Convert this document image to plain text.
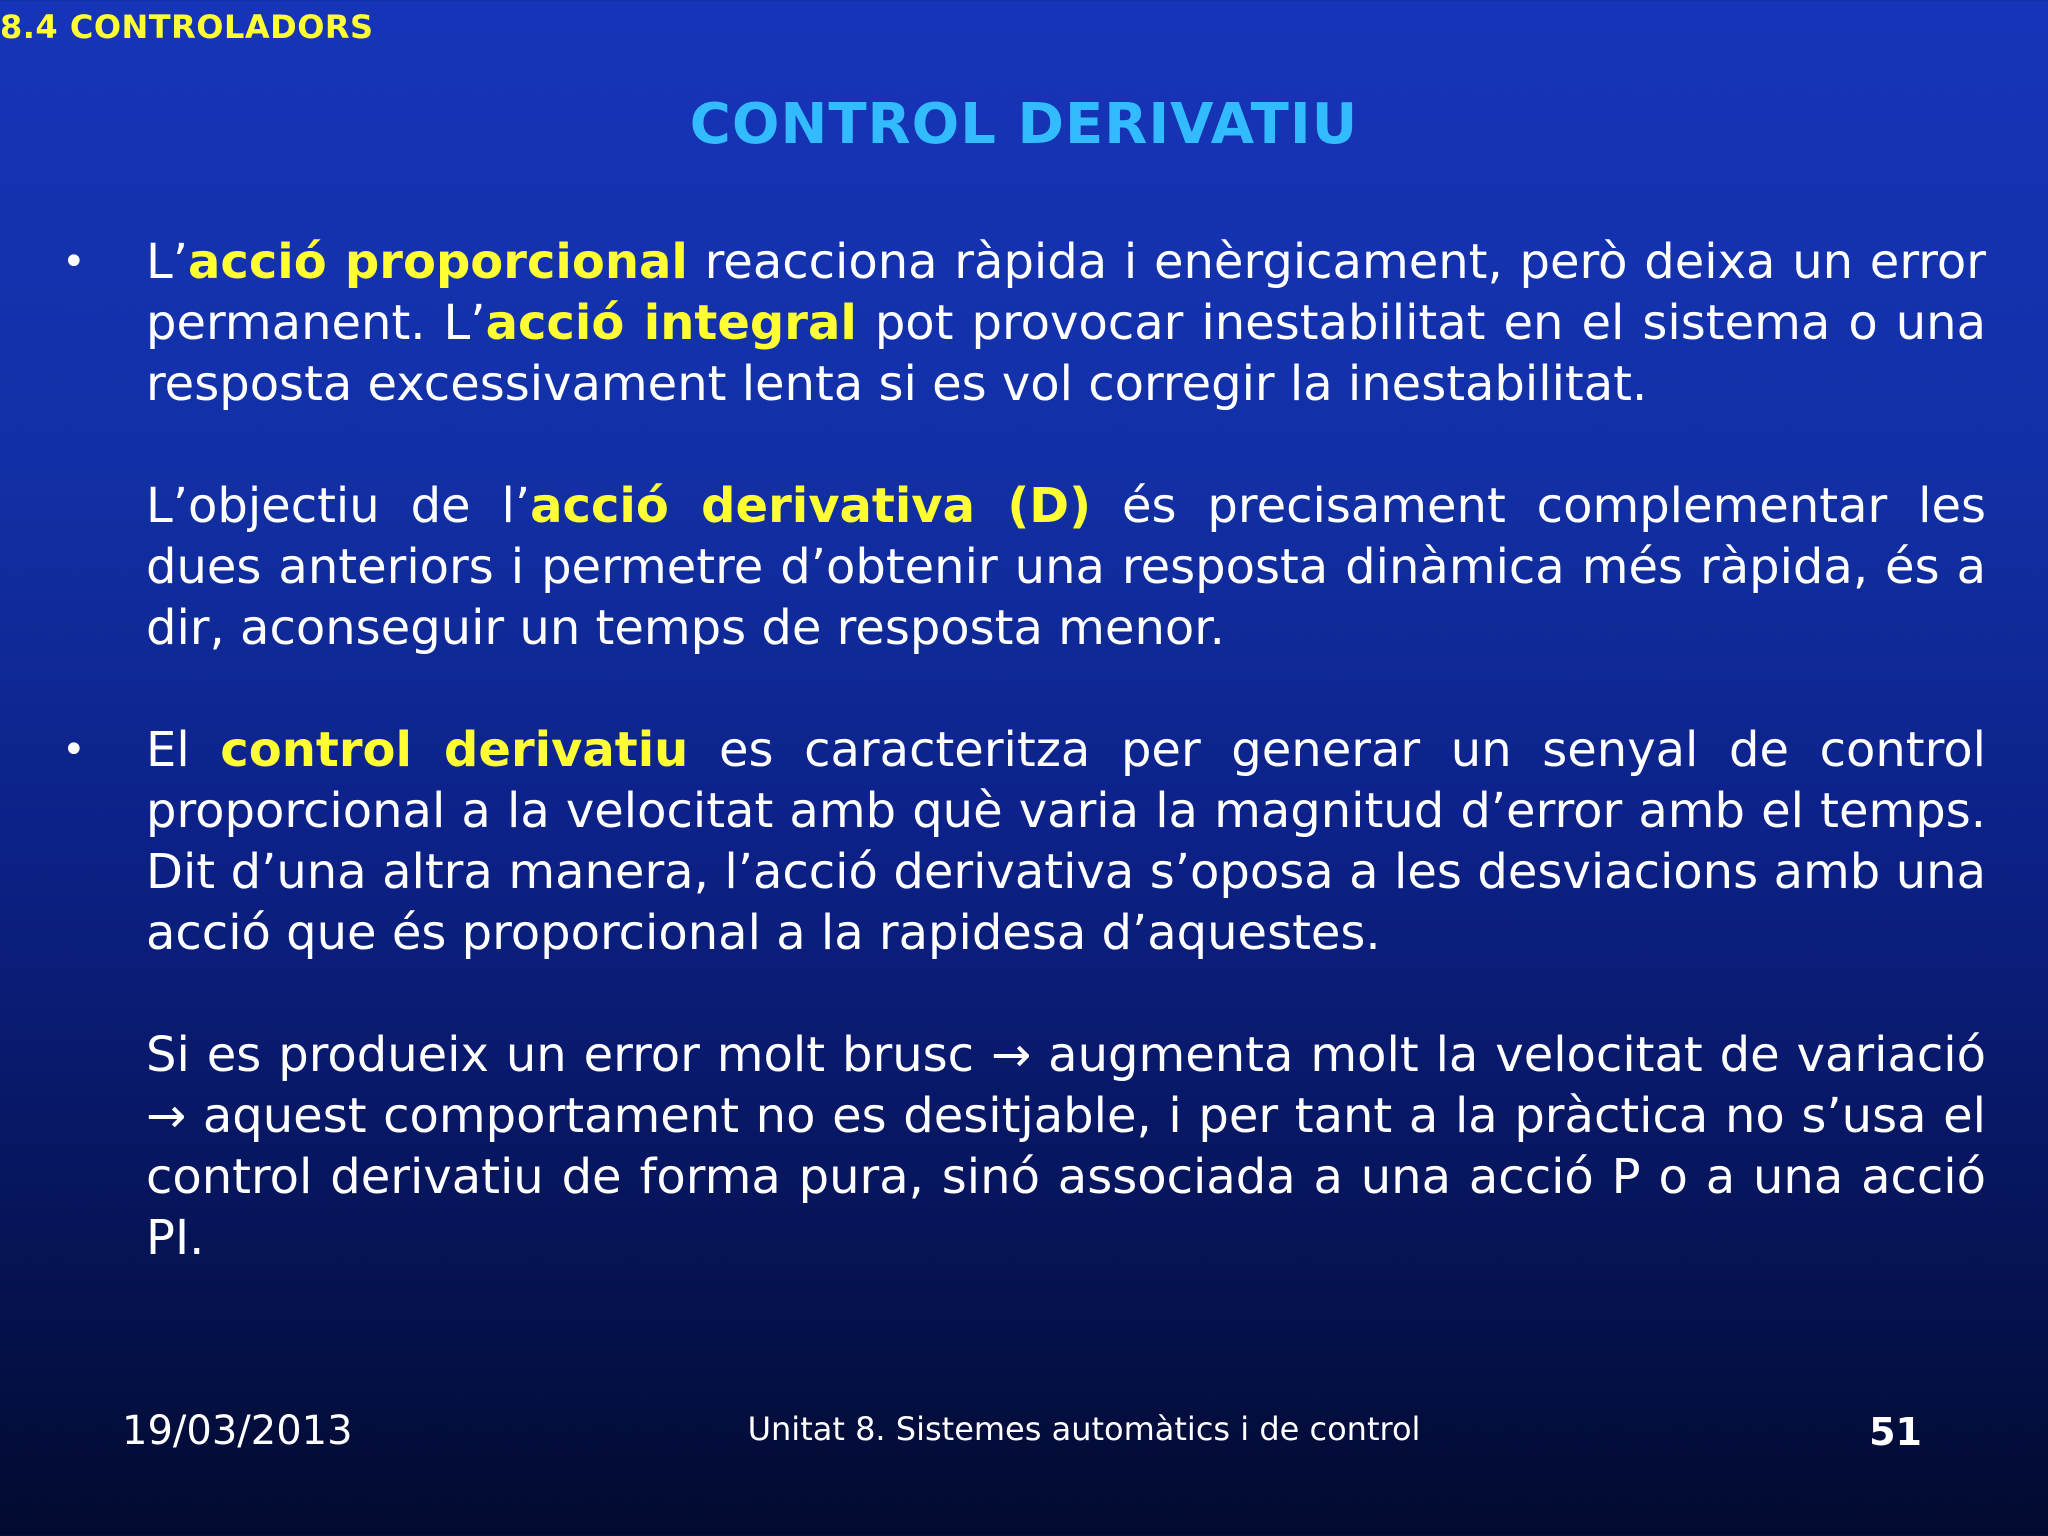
8.4 CONTROLADORS
CONTROL DERIVATIU
• L’acció proporcional reacciona ràpida i enèrgicament, però deixa un error permanent. L’acció integral pot provocar inestabilitat en el sistema o una resposta excessivament lenta si es vol corregir la inestabilitat.

L’objectiu de l’acció derivativa (D) és precisament complementar les dues anteriors i permetre d’obtenir una resposta dinàmica més ràpida, és a dir, aconseguir un temps de resposta menor.

• El control derivatiu es caracteritza per generar un senyal de control proporcional a la velocitat amb què varia la magnitud d’error amb el temps. Dit d’una altra manera, l’acció derivativa s’oposa a les desviacions amb una acció que és proporcional a la rapidesa d’aquestes.

Si es produeix un error molt brusc → augmenta molt la velocitat de variació → aquest comportament no es desitjable, i per tant a la pràctica no s’usa el control derivatiu de forma pura, sinó associada a una acció P o a una acció PI.

19/03/2013	Unitat 8. Sistemes automàtics i de control	51
